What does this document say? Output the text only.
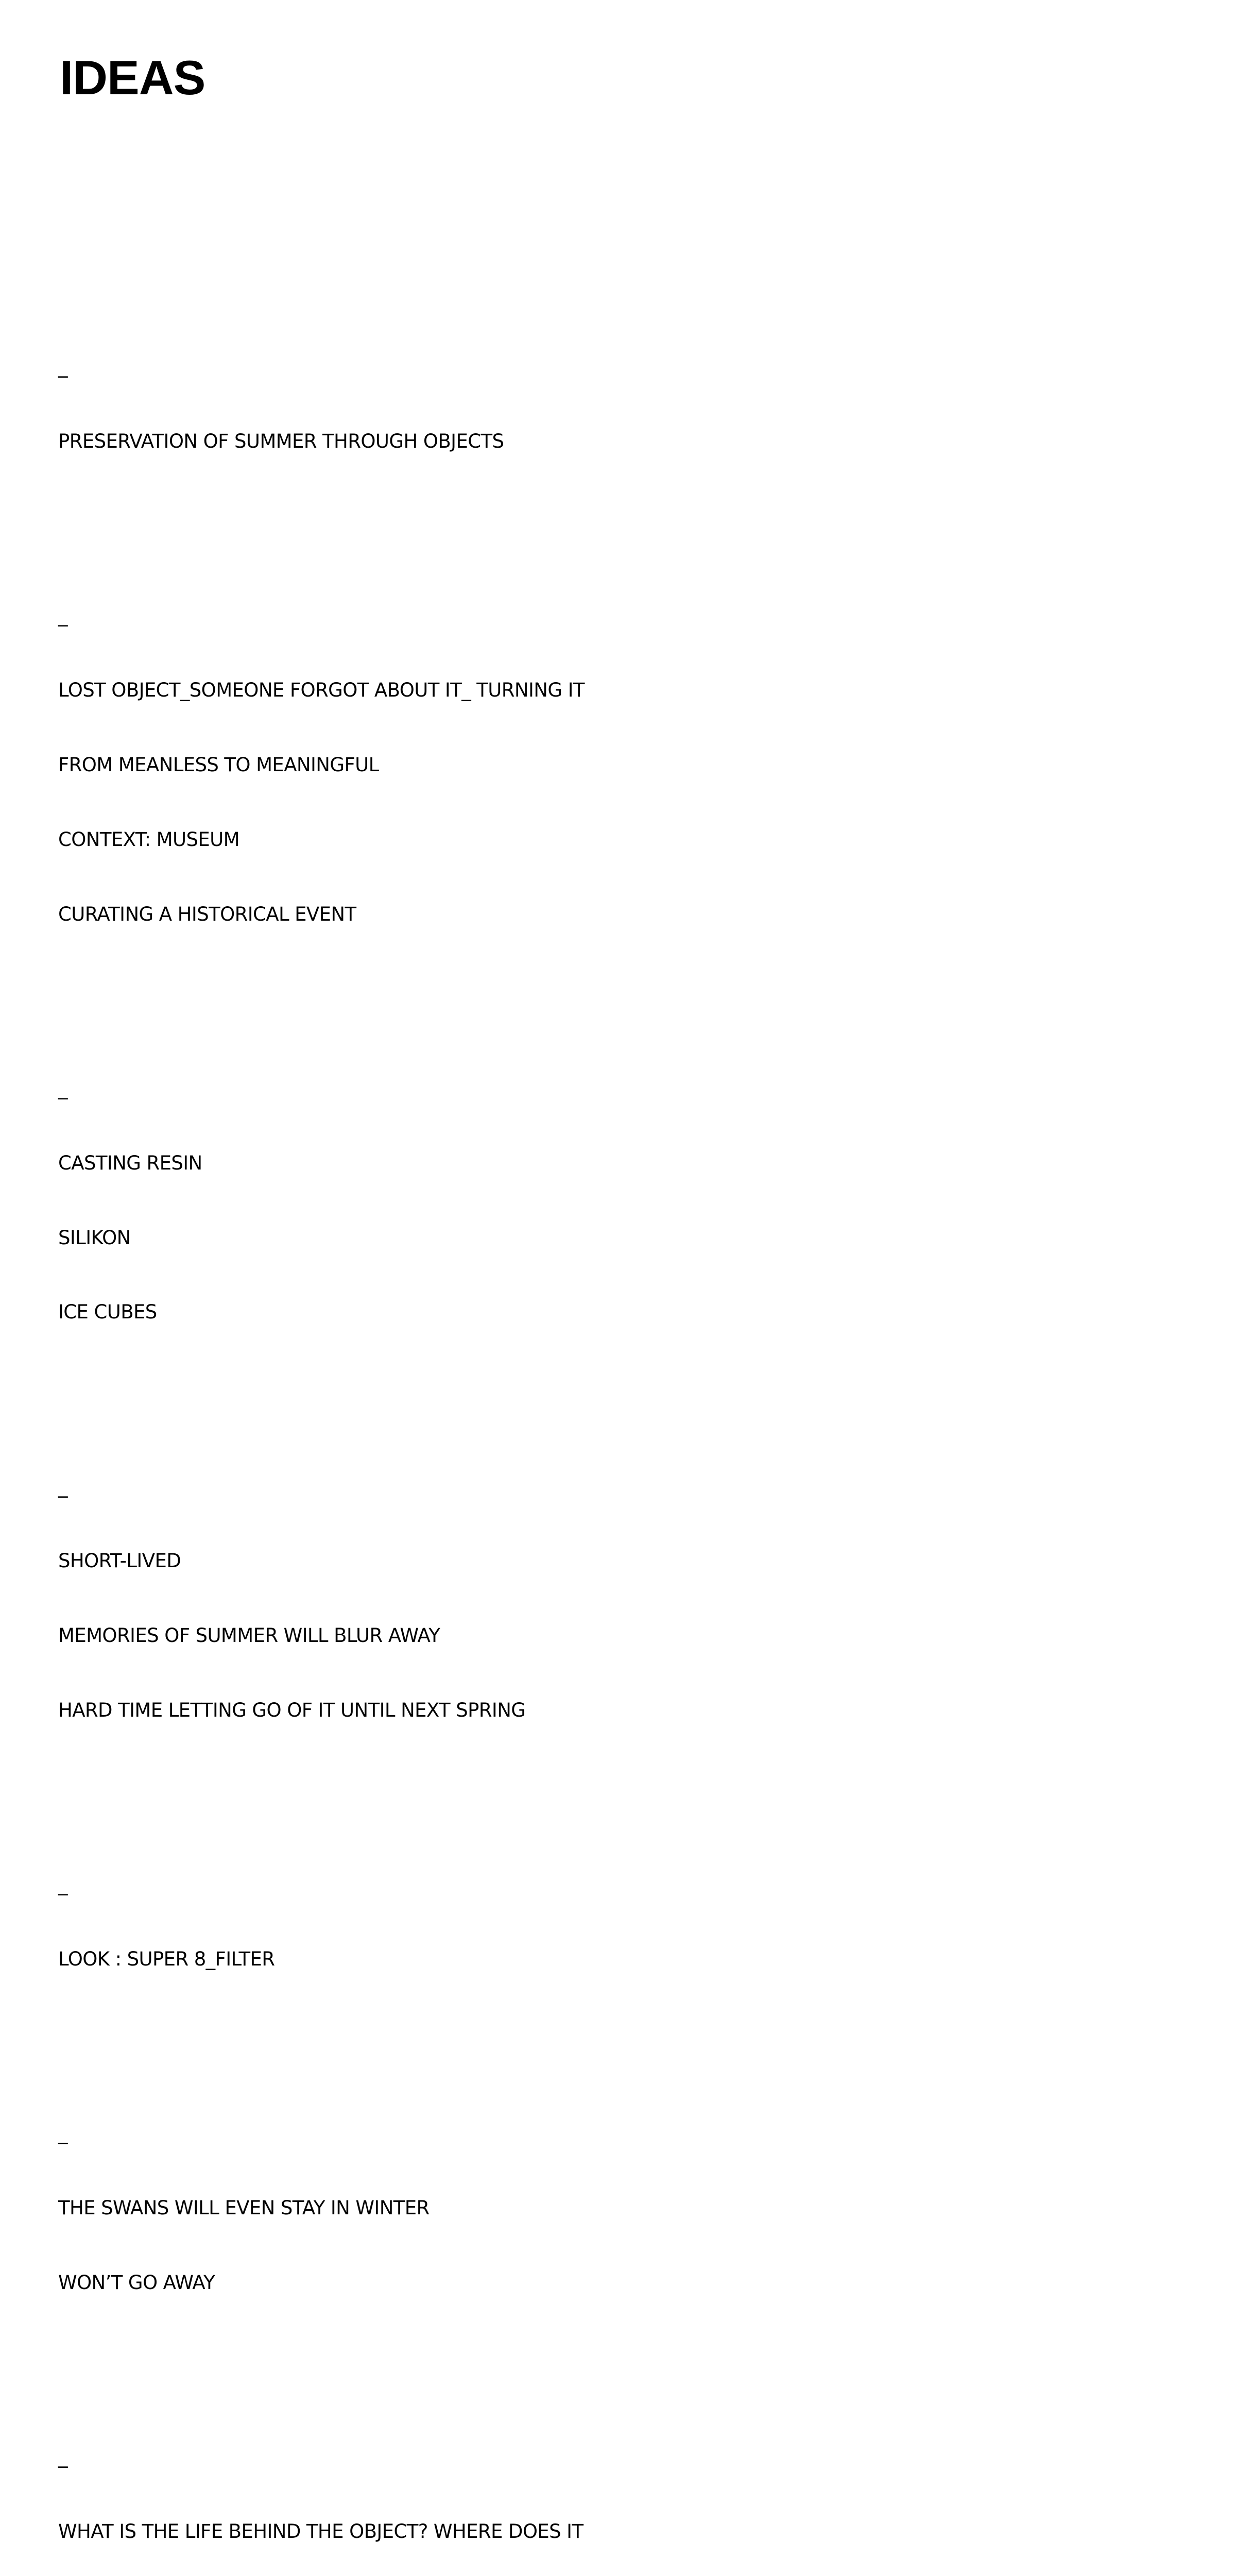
IDEAS

_

PRESERVATION OF SUMMER THROUGH OBJECTS

_

LOST OBJECT_SOMEONE FORGOT ABOUT IT_ TURNING IT

FROM MEANLESS TO MEANINGFUL

CONTEXT: MUSEUM

CURATING A HISTORICAL EVENT

_

CASTING RESIN

SILIKON

ICE CUBES

_

SHORT-LIVED

MEMORIES OF SUMMER WILL BLUR AWAY

HARD TIME LETTING GO OF IT UNTIL NEXT SPRING

_

LOOK : SUPER 8_FILTER

_

THE SWANS WILL EVEN STAY IN WINTER

WON’T GO AWAY

_

WHAT IS THE LIFE BEHIND THE OBJECT? WHERE DOES IT
